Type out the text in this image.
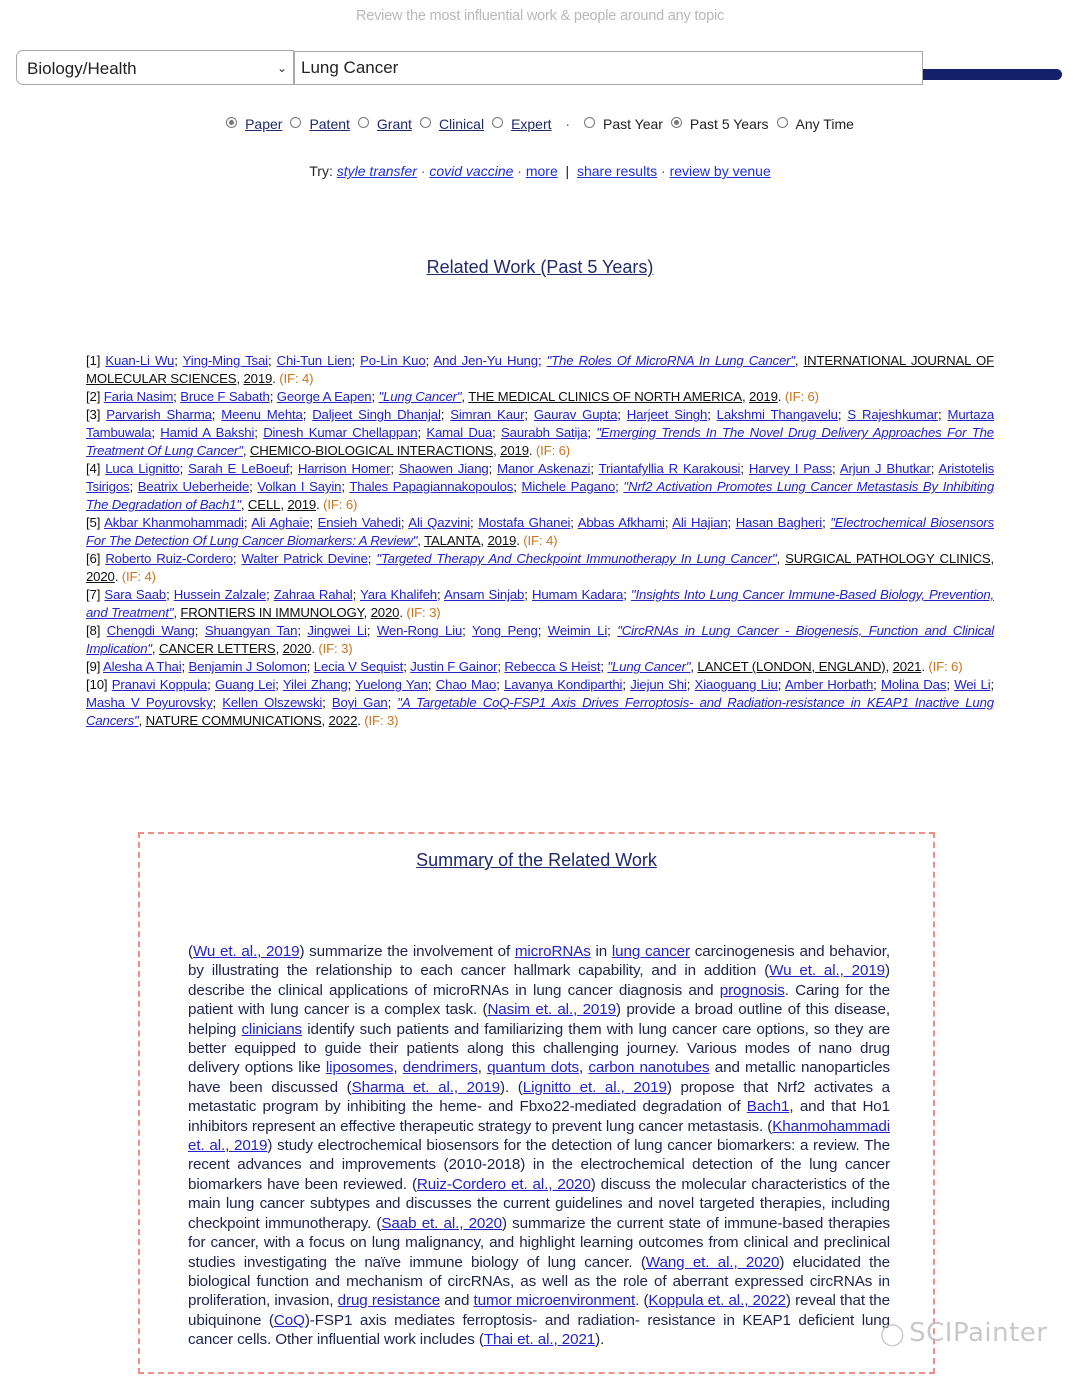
Review the most influential work & people around any topic
Biology/Health	⌄ Lung Cancer
Paper Patent Grant Clinical Expert · Past Year Past 5 Years Any Time
Try: style transfer · covid vaccine · more | share results · review by venue
Related Work (Past 5 Years)

[1] Kuan-Li Wu; Ying-Ming Tsai; Chi-Tun Lien; Po-Lin Kuo; And Jen-Yu Hung; "The Roles Of MicroRNA In Lung Cancer", INTERNATIONAL JOURNAL OF MOLECULAR SCIENCES, 2019. (IF: 4)

[2] Faria Nasim; Bruce F Sabath; George A Eapen; "Lung Cancer", THE MEDICAL CLINICS OF NORTH AMERICA, 2019. (IF: 6)

[3] Parvarish Sharma; Meenu Mehta; Daljeet Singh Dhanjal; Simran Kaur; Gaurav Gupta; Harjeet Singh; Lakshmi Thangavelu; S Rajeshkumar; Murtaza Tambuwala; Hamid A Bakshi; Dinesh Kumar Chellappan; Kamal Dua; Saurabh Satija; "Emerging Trends In The Novel Drug Delivery Approaches For The Treatment Of Lung Cancer", CHEMICO-BIOLOGICAL INTERACTIONS, 2019. (IF: 6)

[4] Luca Lignitto; Sarah E LeBoeuf; Harrison Homer; Shaowen Jiang; Manor Askenazi; Triantafyllia R Karakousi; Harvey I Pass; Arjun J Bhutkar; Aristotelis Tsirigos; Beatrix Ueberheide; Volkan I Sayin; Thales Papagiannakopoulos; Michele Pagano; "Nrf2 Activation Promotes Lung Cancer Metastasis By Inhibiting The Degradation of Bach1", CELL, 2019. (IF: 6)

[5] Akbar Khanmohammadi; Ali Aghaie; Ensieh Vahedi; Ali Qazvini; Mostafa Ghanei; Abbas Afkhami; Ali Hajian; Hasan Bagheri; "Electrochemical Biosensors For The Detection Of Lung Cancer Biomarkers: A Review", TALANTA, 2019. (IF: 4)

[6] Roberto Ruiz-Cordero; Walter Patrick Devine; "Targeted Therapy And Checkpoint Immunotherapy In Lung Cancer", SURGICAL PATHOLOGY CLINICS, 2020. (IF: 4)

[7] Sara Saab; Hussein Zalzale; Zahraa Rahal; Yara Khalifeh; Ansam Sinjab; Humam Kadara; "Insights Into Lung Cancer Immune-Based Biology, Prevention, and Treatment", FRONTIERS IN IMMUNOLOGY, 2020. (IF: 3)

[8] Chengdi Wang; Shuangyan Tan; Jingwei Li; Wen-Rong Liu; Yong Peng; Weimin Li; "CircRNAs in Lung Cancer - Biogenesis, Function and Clinical Implication", CANCER LETTERS, 2020. (IF: 3)

[9] Alesha A Thai; Benjamin J Solomon; Lecia V Sequist; Justin F Gainor; Rebecca S Heist; "Lung Cancer", LANCET (LONDON, ENGLAND), 2021. (IF: 6)

[10] Pranavi Koppula; Guang Lei; Yilei Zhang; Yuelong Yan; Chao Mao; Lavanya Kondiparthi; Jiejun Shi; Xiaoguang Liu; Amber Horbath; Molina Das; Wei Li; Masha V Poyurovsky; Kellen Olszewski; Boyi Gan; "A Targetable CoQ-FSP1 Axis Drives Ferroptosis- and Radiation-resistance in KEAP1 Inactive Lung Cancers", NATURE COMMUNICATIONS, 2022. (IF: 3)

Summary of the Related Work
(Wu et. al., 2019) summarize the involvement of microRNAs in lung cancer carcinogenesis and behavior, by illustrating the relationship to each cancer hallmark capability, and in addition (Wu et. al., 2019) describe the clinical applications of microRNAs in lung cancer diagnosis and prognosis. Caring for the patient with lung cancer is a complex task. (Nasim et. al., 2019) provide a broad outline of this disease, helping clinicians identify such patients and familiarizing them with lung cancer care options, so they are better equipped to guide their patients along this challenging journey. Various modes of nano drug delivery options like liposomes, dendrimers, quantum dots, carbon nanotubes and metallic nanoparticles have been discussed (Sharma et. al., 2019). (Lignitto et. al., 2019) propose that Nrf2 activates a metastatic program by inhibiting the heme- and Fbxo22-mediated degradation of Bach1, and that Ho1 inhibitors represent an effective therapeutic strategy to prevent lung cancer metastasis. (Khanmohammadi et. al., 2019) study electrochemical biosensors for the detection of lung cancer biomarkers: a review. The recent advances and improvements (2010-2018) in the electrochemical detection of the lung cancer biomarkers have been reviewed. (Ruiz-Cordero et. al., 2020) discuss the molecular characteristics of the main lung cancer subtypes and discusses the current guidelines and novel targeted therapies, including checkpoint immunotherapy. (Saab et. al., 2020) summarize the current state of immune-based therapies for cancer, with a focus on lung malignancy, and highlight learning outcomes from clinical and preclinical studies investigating the naïve immune biology of lung cancer. (Wang et. al., 2020) elucidated the biological function and mechanism of circRNAs, as well as the role of aberrant expressed circRNAs in proliferation, invasion, drug resistance and tumor microenvironment. (Koppula et. al., 2022) reveal that the ubiquinone (CoQ)-FSP1 axis mediates ferroptosis- and radiation- resistance in KEAP1 deficient lung cancer cells. Other influential work includes (Thai et. al., 2021).	◯ SCIPainter
